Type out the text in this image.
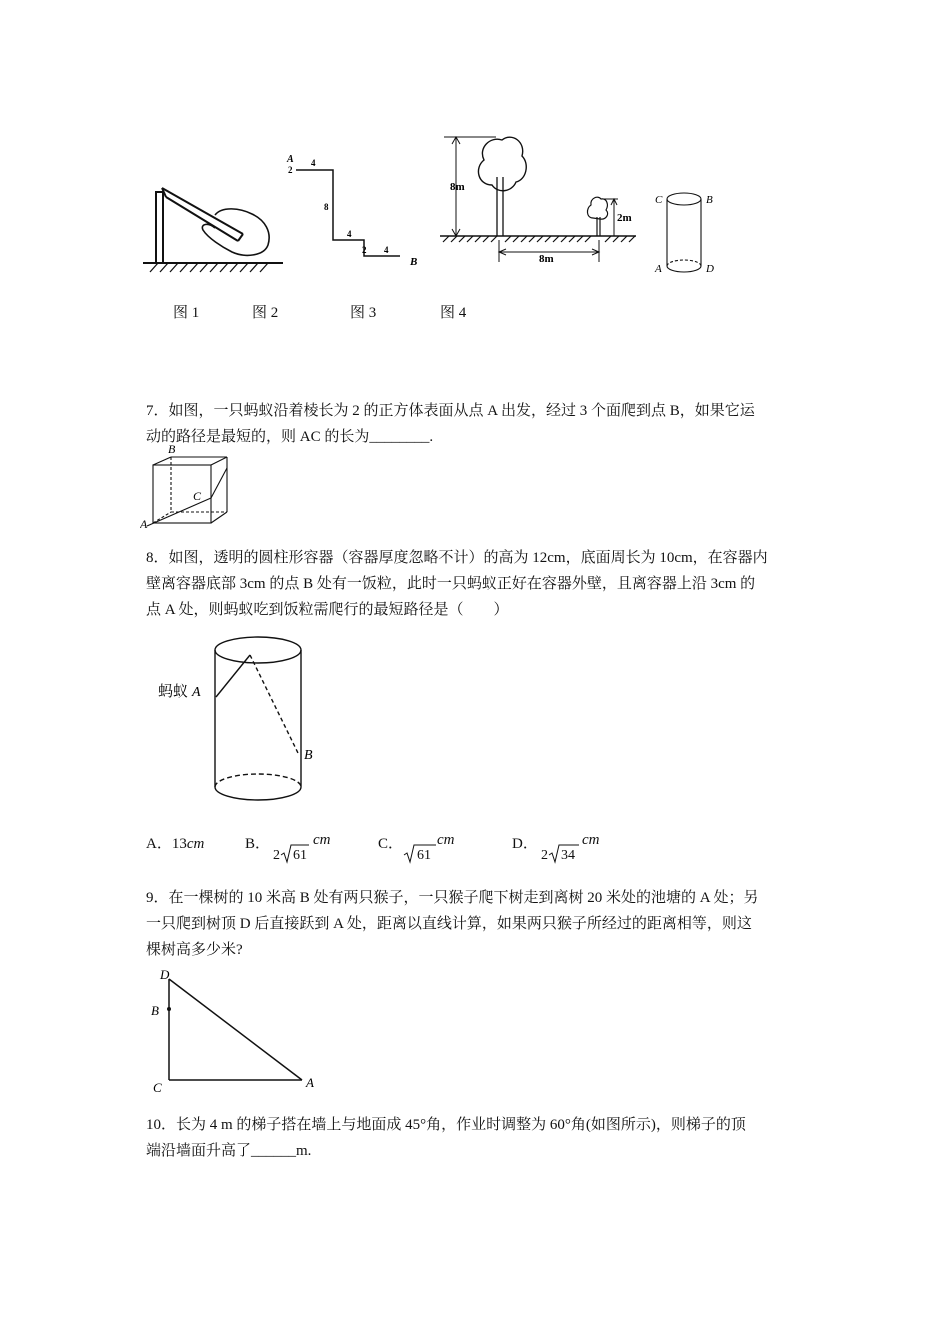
A 4
2
8
4
2 4
B
8m
2m
8m
C	B
A	D
图 1	图 2	图 3	图 4
7．如图，一只蚂蚁沿着棱长为 2 的正方体表面从点 A 出发，经过 3 个面爬到点 B，如果它运
动的路径是最短的，则 AC 的长为________.
B
C
A
8．如图，透明的圆柱形容器（容器厚度忽略不计）的高为 12cm，底面周长为 10cm，在容器内
壁离容器底部 3cm 的点 B 处有一饭粒，此时一只蚂蚁正好在容器外壁，且离容器上沿 3cm 的
点 A 处，则蚂蚁吃到饭粒需爬行的最短路径是（　　）
蚂蚁 A
B
A．13cm	B．
2 61
cm	C．
61
cm	D．
2 34
cm
9．在一棵树的 10 米高 B 处有两只猴子，一只猴子爬下树走到离树 20 米处的池塘的 A 处；另
一只爬到树顶 D 后直接跃到 A 处，距离以直线计算，如果两只猴子所经过的距离相等，则这
棵树高多少米?
D
B
C	A
10．长为 4 m 的梯子搭在墙上与地面成 45°角，作业时调整为 60°角(如图所示)，则梯子的顶
端沿墙面升高了______m.
